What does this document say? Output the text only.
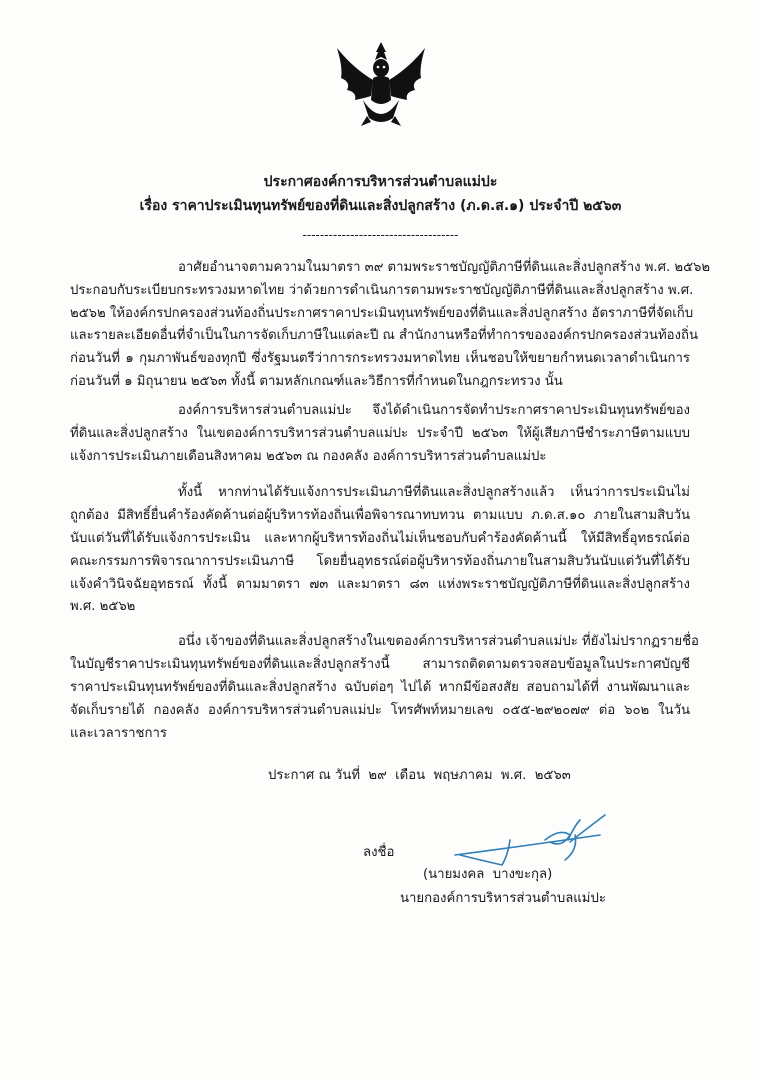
ประกาศองค์การบริหารส่วนตำบลแม่ปะ
เรื่อง ราคาประเมินทุนทรัพย์ของที่ดินและสิ่งปลูกสร้าง (ภ.ด.ส.๑) ประจำปี ๒๕๖๓
------------------------------------
อาศัยอำนาจตามความในมาตรา ๓๙ ตามพระราชบัญญัติภาษีที่ดินและสิ่งปลูกสร้าง พ.ศ. ๒๕๖๒
ประกอบกับระเบียบกระทรวงมหาดไทย ว่าด้วยการดำเนินการตามพระราชบัญญัติภาษีที่ดินและสิ่งปลูกสร้าง พ.ศ.
๒๕๖๒ ให้องค์กรปกครองส่วนท้องถิ่นประกาศราคาประเมินทุนทรัพย์ของที่ดินและสิ่งปลูกสร้าง อัตราภาษีที่จัดเก็บ
และรายละเอียดอื่นที่จำเป็นในการจัดเก็บภาษีในแต่ละปี ณ สำนักงานหรือที่ทำการขององค์กรปกครองส่วนท้องถิ่น
ก่อนวันที่ ๑ กุมภาพันธ์ของทุกปี ซึ่งรัฐมนตรีว่าการกระทรวงมหาดไทย เห็นชอบให้ขยายกำหนดเวลาดำเนินการ
ก่อนวันที่ ๑ มิถุนายน ๒๕๖๓ ทั้งนี้ ตามหลักเกณฑ์และวิธีการที่กำหนดในกฎกระทรวง นั้น
องค์การบริหารส่วนตำบลแม่ปะ จึงได้ดำเนินการจัดทำประกาศราคาประเมินทุนทรัพย์ของ
ที่ดินและสิ่งปลูกสร้าง ในเขตองค์การบริหารส่วนตำบลแม่ปะ ประจำปี ๒๕๖๓ ให้ผู้เสียภาษีชำระภาษีตามแบบ
แจ้งการประเมินภายเดือนสิงหาคม ๒๕๖๓ ณ กองคลัง องค์การบริหารส่วนตำบลแม่ปะ
ทั้งนี้ หากท่านได้รับแจ้งการประเมินภาษีที่ดินและสิ่งปลูกสร้างแล้ว เห็นว่าการประเมินไม่
ถูกต้อง มีสิทธิ์ยื่นคำร้องคัดค้านต่อผู้บริหารท้องถิ่นเพื่อพิจารณาทบทวน ตามแบบ ภ.ด.ส.๑๐ ภายในสามสิบวัน
นับแต่วันที่ได้รับแจ้งการประเมิน และหากผู้บริหารท้องถิ่นไม่เห็นชอบกับคำร้องคัดค้านนี้ ให้มีสิทธิ์อุทธรณ์ต่อ
คณะกรรมการพิจารณาการประเมินภาษี โดยยื่นอุทธรณ์ต่อผู้บริหารท้องถิ่นภายในสามสิบวันนับแต่วันที่ได้รับ
แจ้งคำวินิจฉัยอุทธรณ์ ทั้งนี้ ตามมาตรา ๗๓ และมาตรา ๘๓ แห่งพระราชบัญญัติภาษีที่ดินและสิ่งปลูกสร้าง
พ.ศ. ๒๕๖๒
อนึ่ง เจ้าของที่ดินและสิ่งปลูกสร้างในเขตองค์การบริหารส่วนตำบลแม่ปะ ที่ยังไม่ปรากฏรายชื่อ
ในบัญชีราคาประเมินทุนทรัพย์ของที่ดินและสิ่งปลูกสร้างนี้ สามารถติดตามตรวจสอบข้อมูลในประกาศบัญชี
ราคาประเมินทุนทรัพย์ของที่ดินและสิ่งปลูกสร้าง ฉบับต่อๆ ไปได้ หากมีข้อสงสัย สอบถามได้ที่ งานพัฒนาและ
จัดเก็บรายได้ กองคลัง องค์การบริหารส่วนตำบลแม่ปะ โทรศัพท์หมายเลข ๐๕๕-๒๙๒๐๗๙ ต่อ ๖๐๒ ในวัน
และเวลาราชการ
ประกาศ ณ วันที่  ๒๙  เดือน  พฤษภาคม  พ.ศ.  ๒๕๖๓
ลงชื่อ
(นายมงคล  บางขะกุล)
นายกองค์การบริหารส่วนตำบลแม่ปะ
